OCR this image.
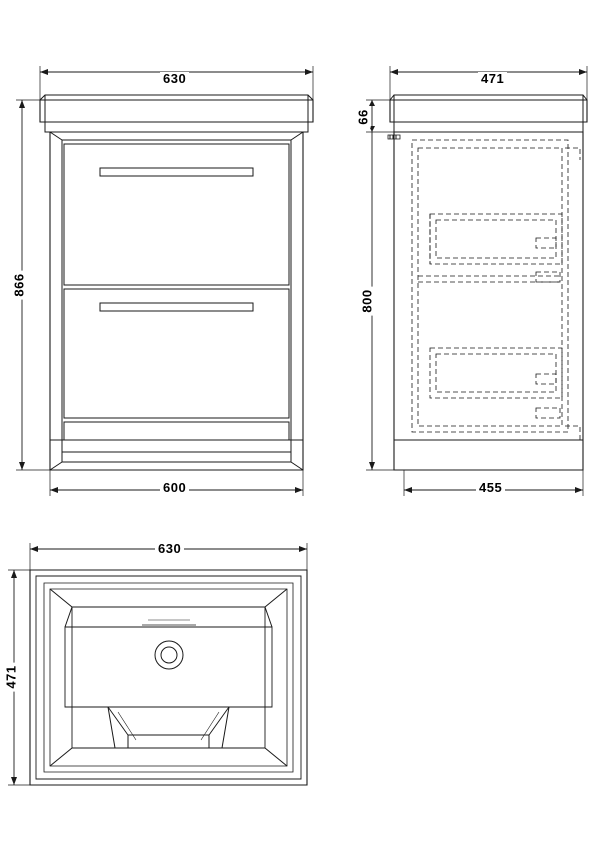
630
866
600
471
66
800
455
630
471
